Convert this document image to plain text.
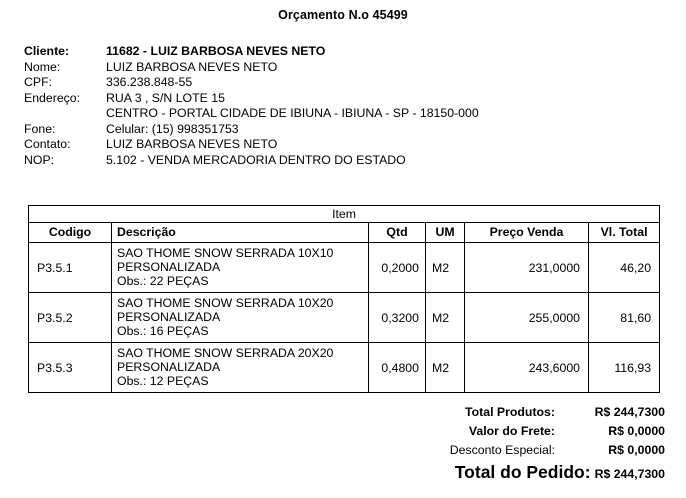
Orçamento N.o 45499
Cliente:	11682 - LUIZ BARBOSA NEVES NETO
Nome:	LUIZ BARBOSA NEVES NETO
CPF:	336.238.848-55
Endereço:	RUA 3 , S/N LOTE 15
CENTRO - PORTAL CIDADE DE IBIUNA - IBIUNA - SP - 18150-000
Fone:	Celular: (15) 998351753
Contato:	LUIZ BARBOSA NEVES NETO
NOP:	5.102 - VENDA MERCADORIA DENTRO DO ESTADO
Item					
Codigo	Descrição	Qtd	UM	Preço Venda	Vl. Total
P3.5.1	SAO THOME SNOW SERRADA 10X10
PERSONALIZADA
Obs.: 22 PEÇAS	0,2000	M2	231,0000	46,20
P3.5.2	SAO THOME SNOW SERRADA 10X20
PERSONALIZADA
Obs.: 16 PEÇAS	0,3200	M2	255,0000	81,60
P3.5.3	SAO THOME SNOW SERRADA 20X20
PERSONALIZADA
Obs.: 12 PEÇAS	0,4800	M2	243,6000	116,93
Total Produtos:	R$ 244,7300
Valor do Frete:	R$ 0,0000
Desconto Especial:	R$ 0,0000
Total do Pedido: R$ 244,7300
